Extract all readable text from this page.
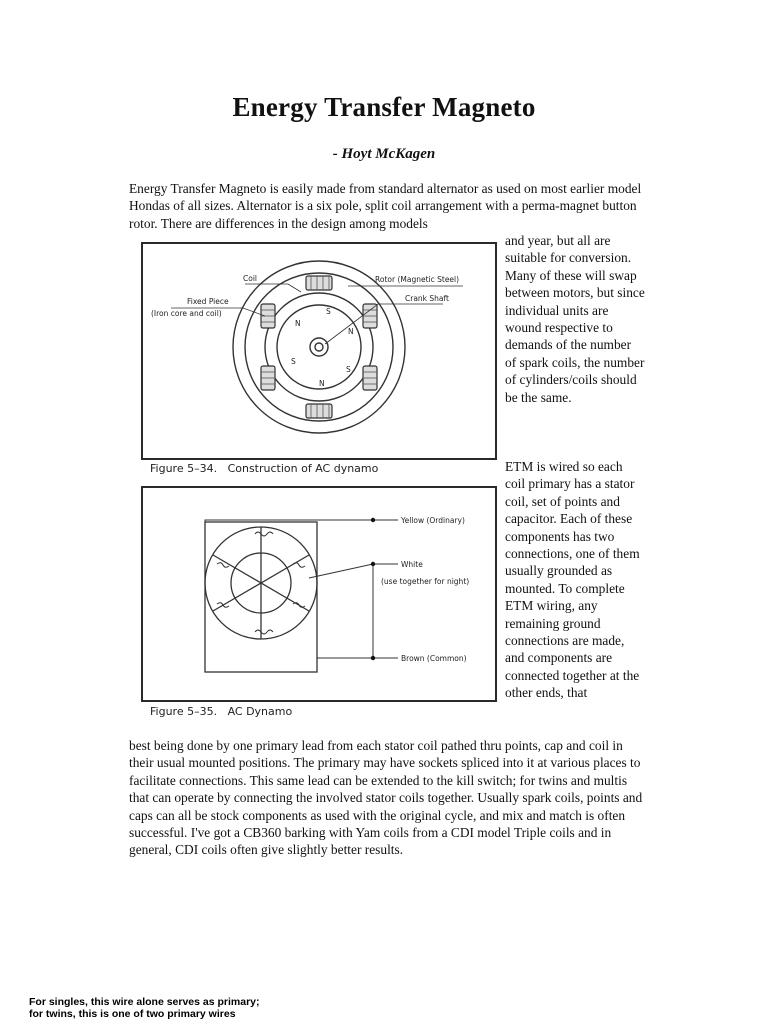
Energy Transfer Magneto
- Hoyt McKagen

Energy Transfer Magneto is easily made from standard alternator as used on most earlier model Hondas of all sizes. Alternator is a six pole, split coil arrangement with a perma-magnet button rotor. There are differences in the design among models

and year, but all are suitable for conversion. Many of these will swap between motors, but since individual units are wound respective to demands of the number of spark coils, the number of cylinders/coils should be the same.

ETM is wired so each coil primary has a stator coil, set of points and capacitor. Each of these components has two connections, one of them usually grounded as mounted. To complete ETM wiring, any remaining ground connections are made, and components are connected together at the other ends, that

best being done by one primary lead from each stator coil pathed thru points, cap and coil in their usual mounted positions. The primary may have sockets spliced into it at various places to facilitate connections. This same lead can be extended to the kill switch; for twins and multis that can operate by connecting the involved stator coils together. Usually spark coils, points and caps can all be stock components as used with the original cycle, and mix and match is often successful. I've got a CB360 barking with Yam coils from a CDI model Triple coils and in general, CDI coils often give slightly better results.

S
N
S
N
S
N
Coil	Rotor (Magnetic Steel)
Fixed Piece
(Iron core and coil)
Crank Shaft
Figure 5–34.   Construction of AC dynamo
Yellow (Ordinary)
White
(use together for night)
Brown (Common)
Figure 5–35.   AC Dynamo
For singles, this wire alone serves as primary;
for twins, this is one of two primary wires
